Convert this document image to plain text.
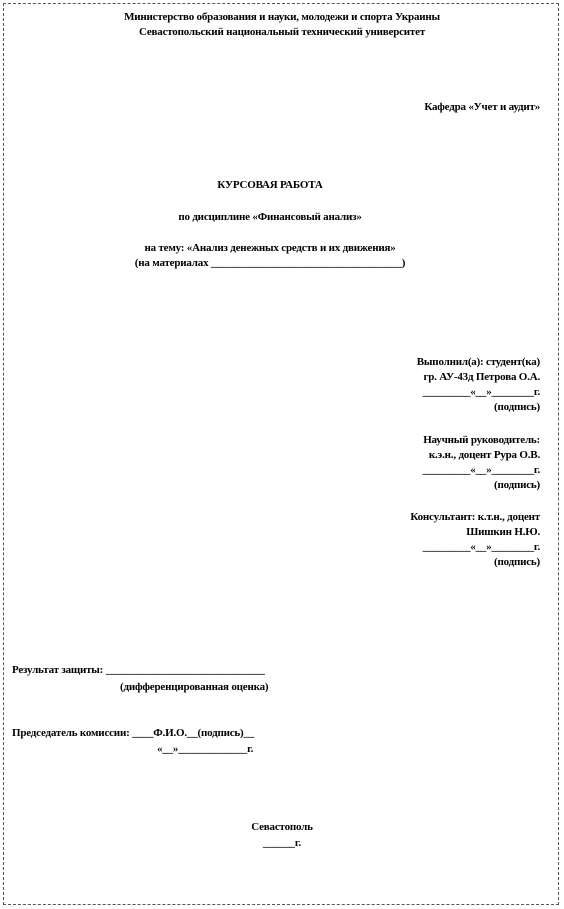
Министерство образования и науки, молодежи и спорта Украины
Севастопольский национальный технический университет
Кафедра «Учет и аудит»
КУРСОВАЯ РАБОТА
по дисциплине «Финансовый анализ»
на тему: «Анализ денежных средств и их движения»
(на материалах ____________________________________)
Выполнил(а): студент(ка)
гр. АУ-43д Петрова О.А.
_________«__»________г.
(подпись)
Научный руководитель:
к.э.н., доцент Рура О.В.
_________«__»________г.
(подпись)
Консультант: к.т.н., доцент
Шишкин Н.Ю.
_________«__»________г.
(подпись)
Результат защиты: ______________________________
(дифференцированная оценка)
Председатель комиссии: ____Ф.И.О.__(подпись)__
«__»_____________г.
Севастополь
______г.
